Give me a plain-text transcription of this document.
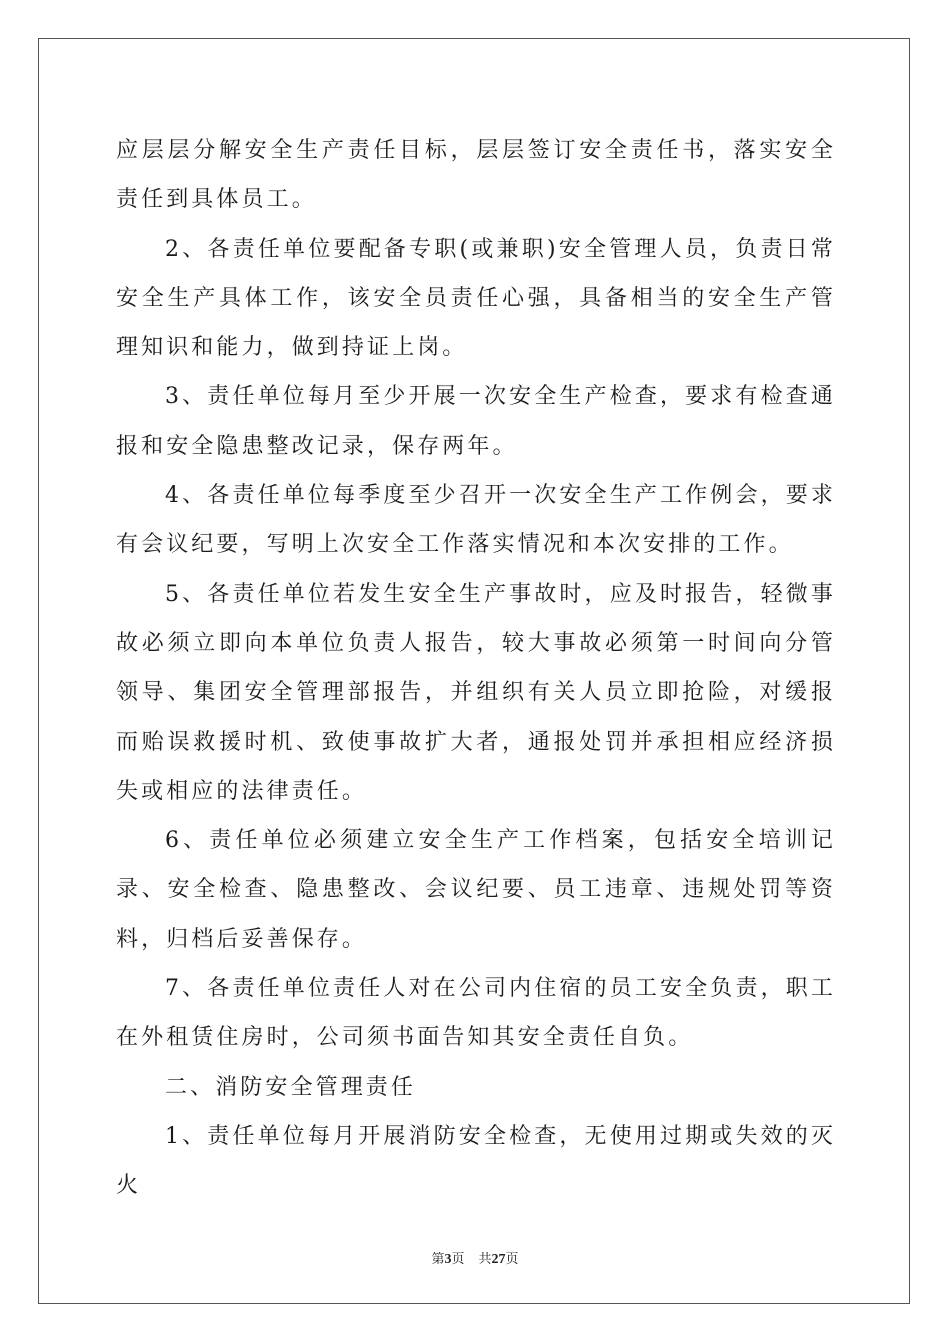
应层层分解安全生产责任目标，层层签订安全责任书，落实安全责任到具体员工。

2、各责任单位要配备专职(或兼职)安全管理人员，负责日常安全生产具体工作，该安全员责任心强，具备相当的安全生产管理知识和能力，做到持证上岗。

3、责任单位每月至少开展一次安全生产检查，要求有检查通报和安全隐患整改记录，保存两年。

4、各责任单位每季度至少召开一次安全生产工作例会，要求有会议纪要，写明上次安全工作落实情况和本次安排的工作。

5、各责任单位若发生安全生产事故时，应及时报告，轻微事故必须立即向本单位负责人报告，较大事故必须第一时间向分管领导、集团安全管理部报告，并组织有关人员立即抢险，对缓报而贻误救援时机、致使事故扩大者，通报处罚并承担相应经济损失或相应的法律责任。

6、责任单位必须建立安全生产工作档案，包括安全培训记录、安全检查、隐患整改、会议纪要、员工违章、违规处罚等资料，归档后妥善保存。

7、各责任单位责任人对在公司内住宿的员工安全负责，职工在外租赁住房时，公司须书面告知其安全责任自负。

二、消防安全管理责任

1、责任单位每月开展消防安全检查，无使用过期或失效的灭火

第3页 共27页
